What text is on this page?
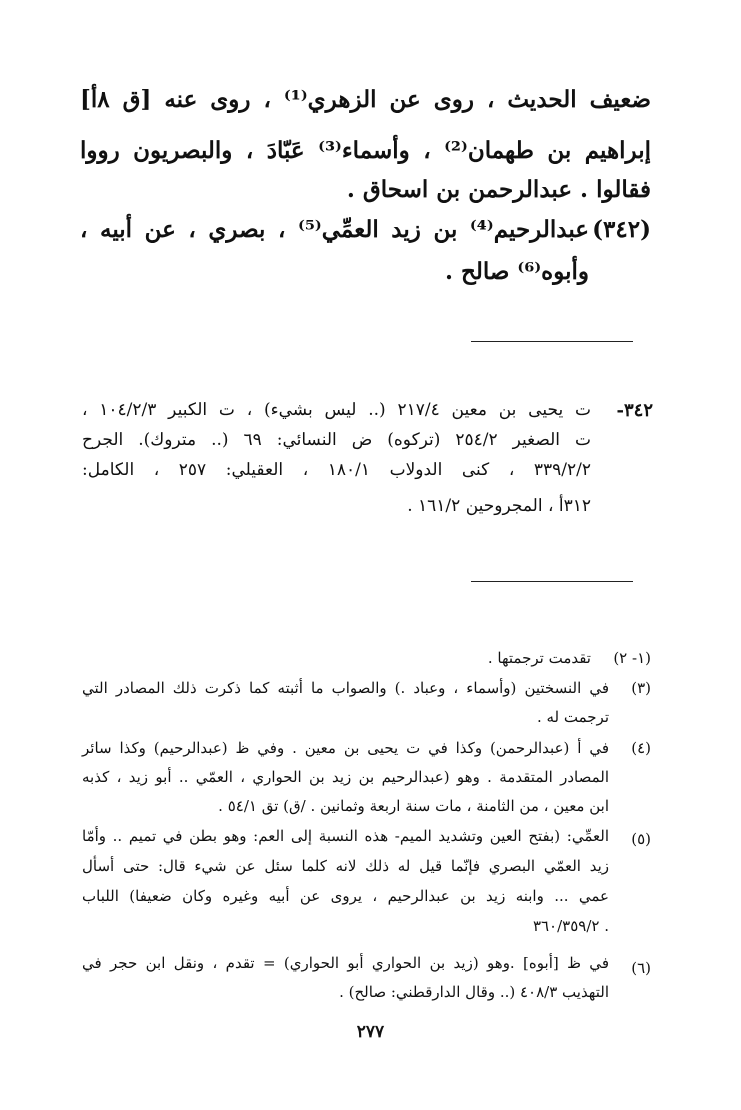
ضعيف الحديث ، روى عن الزهري⁽¹⁾ ، روى عنه [ق ٨أ]
إبراهيم بن طهمان⁽²⁾ ، وأسماء⁽³⁾ عَبّادَ ، والبصريون رووا
فقالوا . عبدالرحمن بن اسحاق .
عبدالرحيم⁽⁴⁾ بن زيد العمِّي⁽⁵⁾ ، بصري ، عن أبيه ، (٣٤٢)
وأبوه⁽⁶⁾ صالح .
٣٤٢-
ت يحيى بن معين ٢١٧/٤ (.. ليس بشيء) ، ت الكبير ١٠٤/٢/٣ ،
ت الصغير ٢٥٤/٢ (تركوه) ض النسائي: ٦٩ (.. متروك). الجرح
٣٣٩/٢/٢ ، كنى الدولاب ١٨٠/١ ، العقيلي: ٢٥٧ ، الكامل:
٣١٢أ ، المجروحين ١٦١/٢ .
(١- ٢)
تقدمت ترجمتها .
(٣)
في النسختين (وأسماء ، وعباد .) والصواب ما أثبته كما ذكرت ذلك المصادر التي
ترجمت له .
(٤)
في أ (عبدالرحمن) وكذا في ت يحيى بن معين . وفي ظ (عبدالرحيم) وكذا سائر
المصادر المتقدمة . وهو (عبدالرحيم بن زيد بن الحواري ، العمّي .. أبو زيد ، كذبه
ابن معين ، من الثامنة ، مات سنة اربعة وثمانين . /ق) تق ٥٤/١ .
(٥)
العمِّي: (بفتح العين وتشديد الميم- هذه النسبة إلى العم: وهو بطن في تميم .. وأمّا
زيد العمّي البصري فإنّما قيل له ذلك لانه كلما سئل عن شيء قال: حتى أسأل
عمي ... وابنه زيد بن عبدالرحيم ، يروى عن أبيه وغيره وكان ضعيفا) اللباب
٣٦٠/٣٥٩/٢ .
(٦)
في ظ [أبوه] .وهو (زيد بن الحواري أبو الحواري) = تقدم ، ونقل ابن حجر في
التهذيب ٤٠٨/٣ (.. وقال الدارقطني: صالح) .
٢٧٧
